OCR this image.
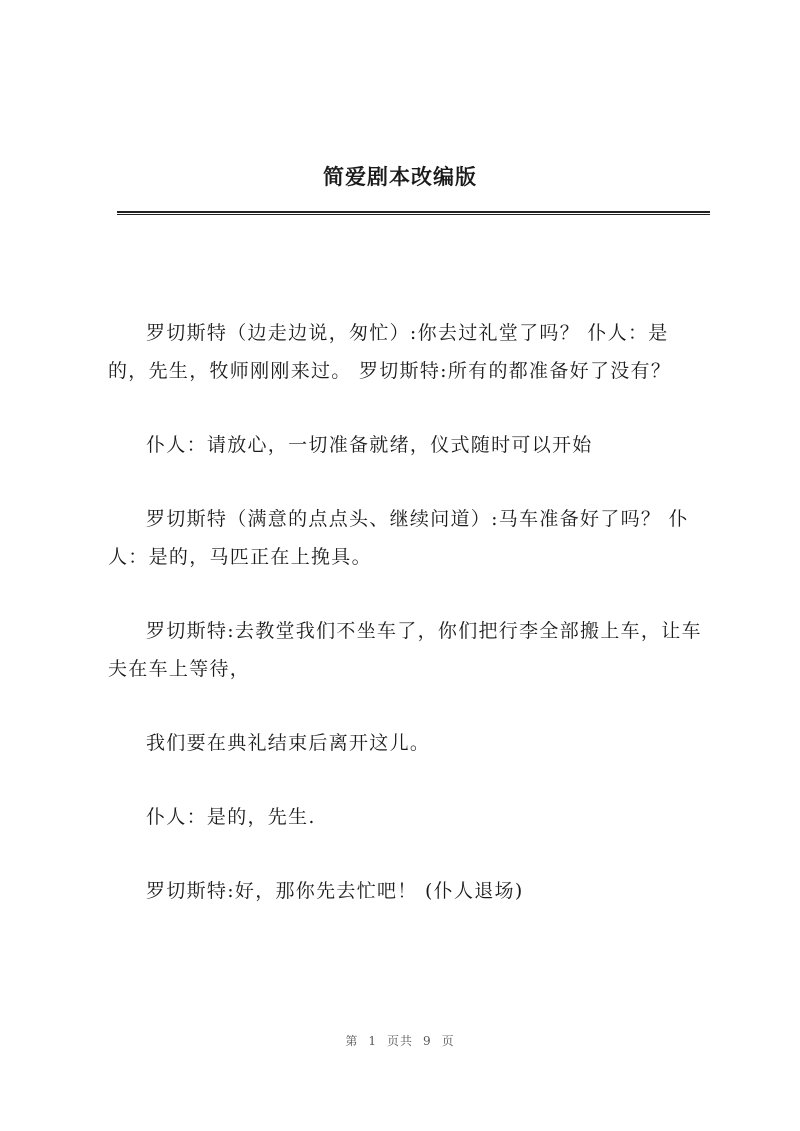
简爱剧本改编版

罗切斯特（边走边说，匆忙）:你去过礼堂了吗？ 仆人：是的，先生，牧师刚刚来过。 罗切斯特:所有的都准备好了没有？

仆人：请放心，一切准备就绪，仪式随时可以开始

罗切斯特（满意的点点头、继续问道）:马车准备好了吗？ 仆人：是的，马匹正在上挽具。

罗切斯特:去教堂我们不坐车了，你们把行李全部搬上车，让车夫在车上等待，

我们要在典礼结束后离开这儿。

仆人：是的，先生.

罗切斯特:好，那你先去忙吧！ (仆人退场)

第 1 页共 9 页
